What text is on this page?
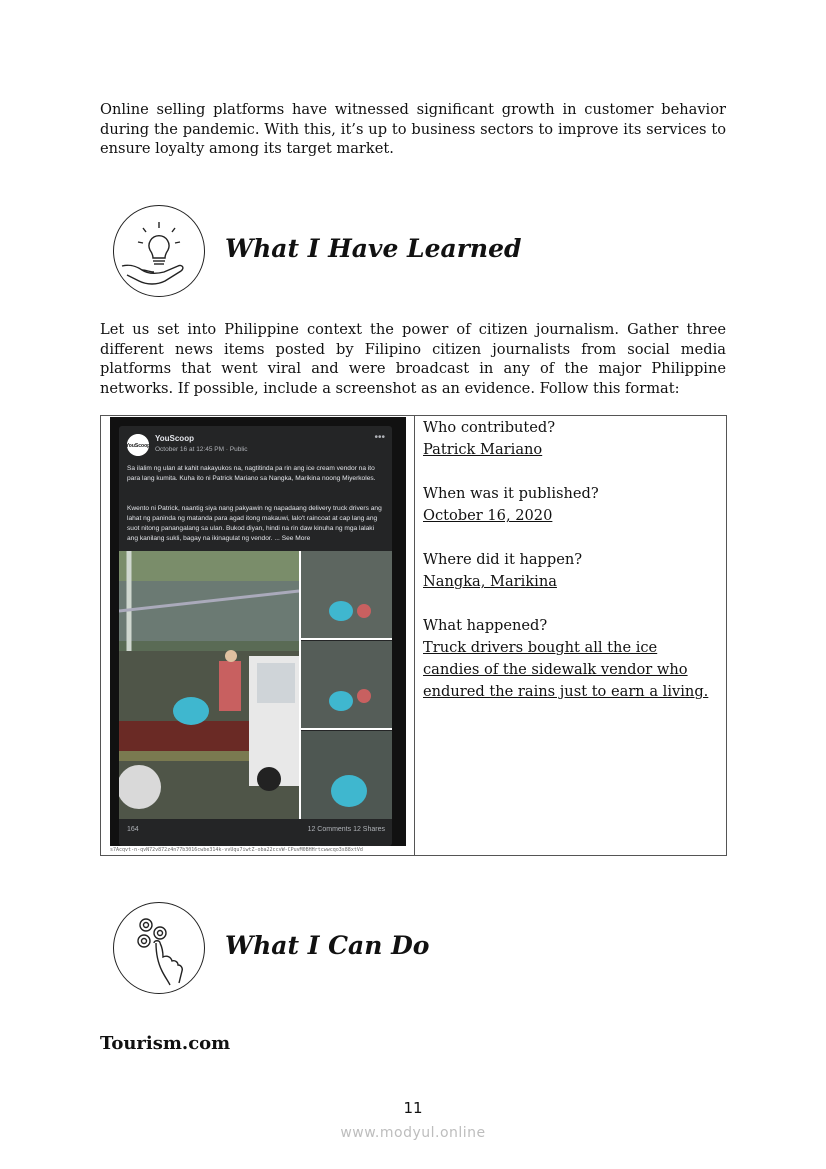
Online selling platforms have witnessed significant growth in customer behavior during the pandemic. With this, it’s up to business sectors to improve its services to ensure loyalty among its target market.

What I Have Learned

Let us set into Philippine context the power of citizen journalism. Gather three different news items posted by Filipino citizen journalists from social media platforms that went viral and were broadcast in any of the major Philippine networks. If possible, include a screenshot as an evidence. Follow this format:

YouScoop
YouScoop
October 16 at 12:45 PM · Public
•••

Sa ilalim ng ulan at kahit nakayukos na, nagtitinda pa rin ang ice cream vendor na ito para lang kumita. Kuha ito ni Patrick Mariano sa Nangka, Marikina noong Miyerkoles.

Kwento ni Patrick, naantig siya nang pakyawin ng napadaang delivery truck drivers ang lahat ng paninda ng matanda para agad itong makauwi, lalo't raincoat at cap lang ang suot nitong panangalang sa ulan. Bukod diyan, hindi na rin daw kinuha ng mga lalaki ang kanilang sukli, bagay na ikinagulat ng vendor. ... See More

164	12 Comments 12 Shares
s7Acqvt-n-qvN72v872z4n77b3016cwbe314k-vvUqu7iwtZ-oba22ccvW-CPuvM0BHHrtcwwcqo3s88xtVd

Who contributed?

Patrick Mariano

When was it published?

October 16, 2020

Where did it happen?

Nangka, Marikina

What happened?

Truck drivers bought all the ice candies of the sidewalk vendor who endured the rains just to earn a living.

What I Can Do
Tourism.com
11
www.modyul.online
